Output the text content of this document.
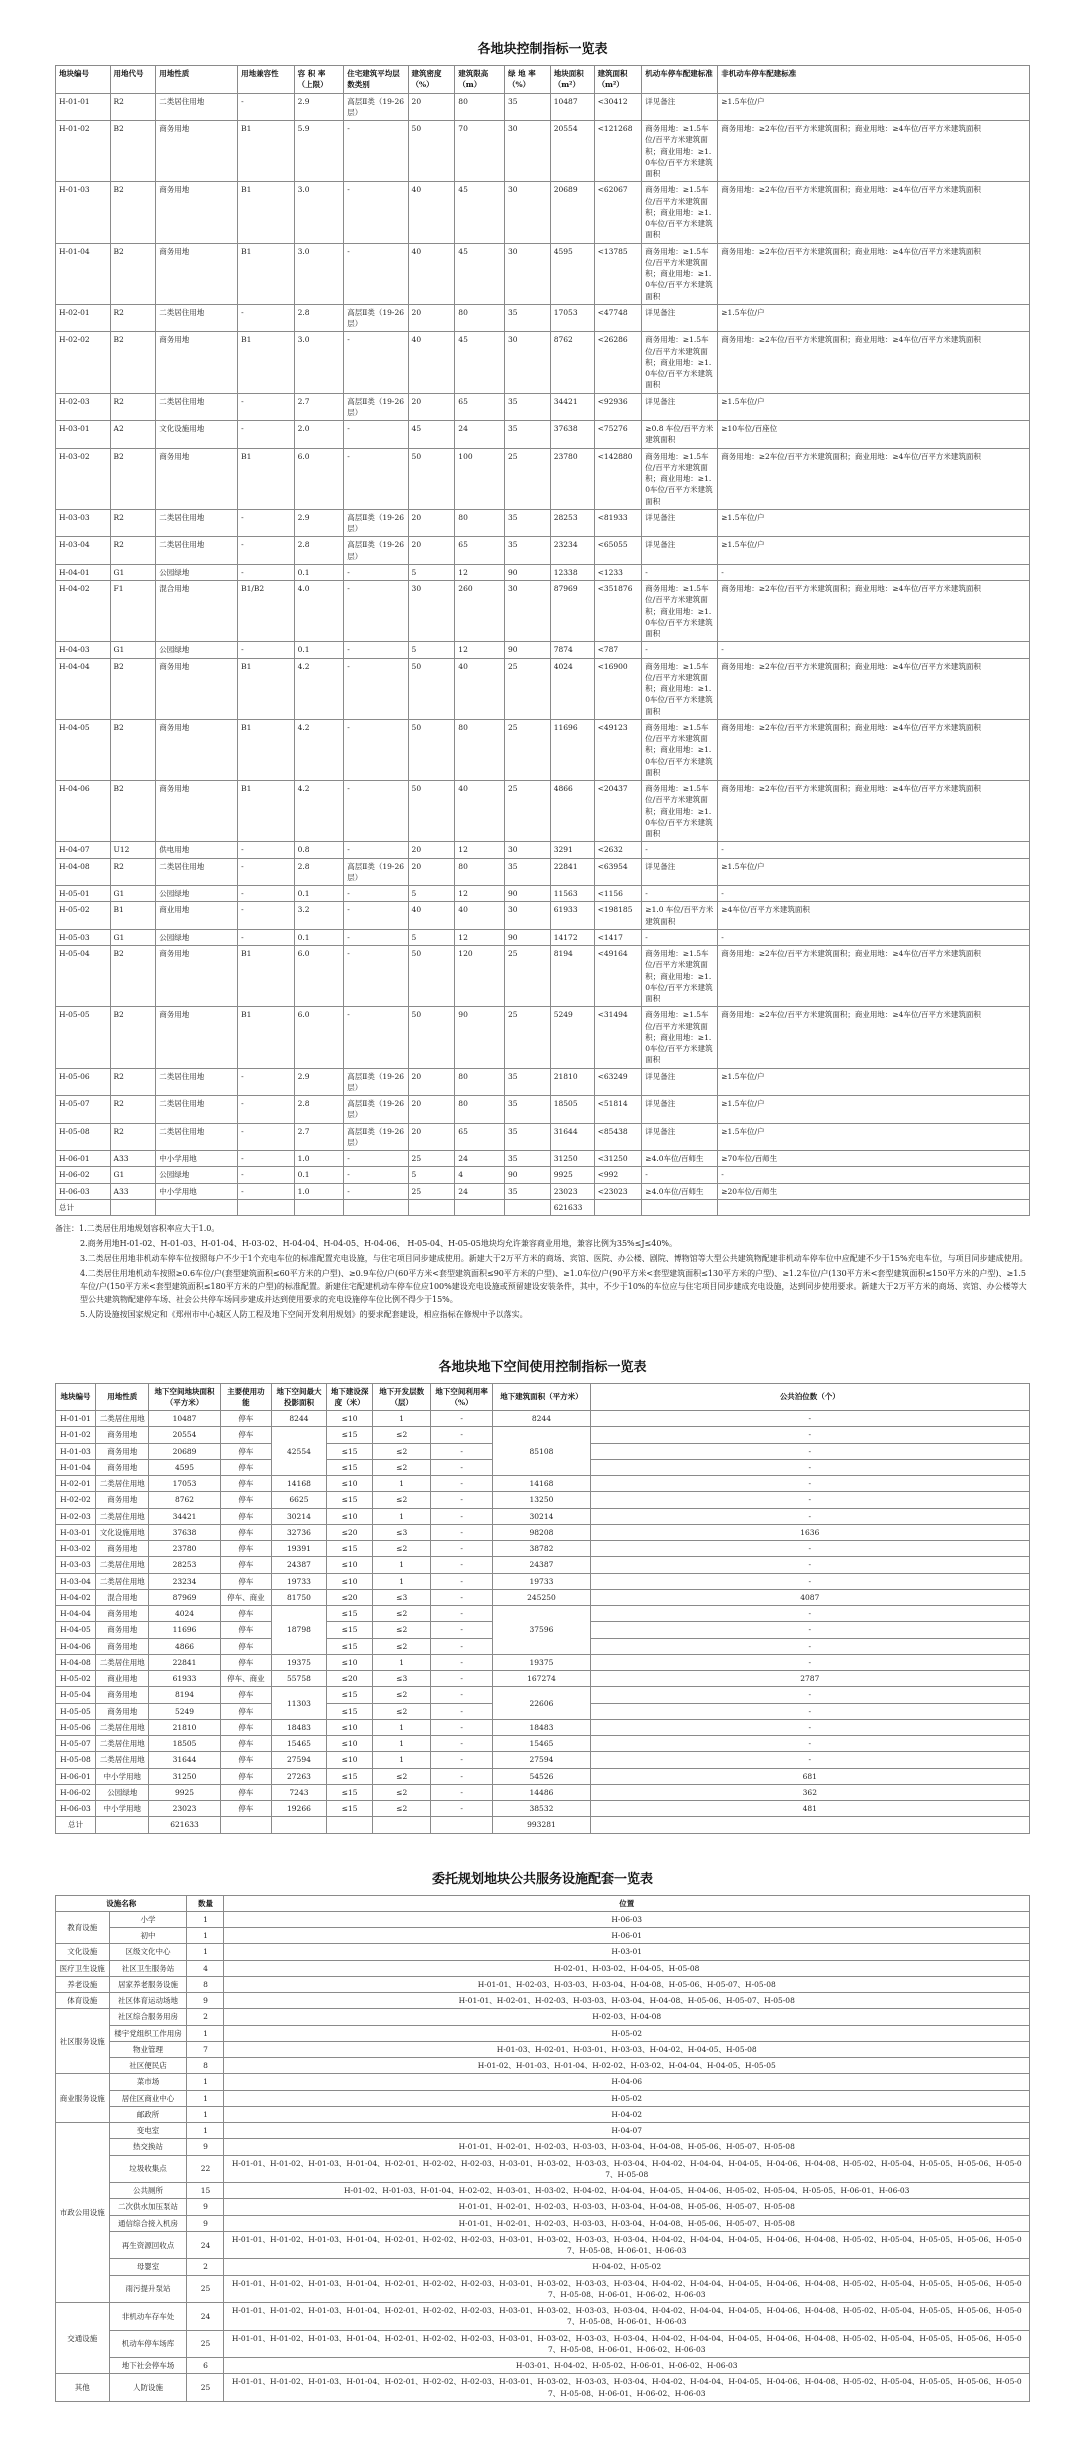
各地块控制指标一览表
地块编号	用地代号	用地性质	用地兼容性	容 积 率（上限）	住宅建筑平均层数类别	建筑密度（%）	建筑限高（m）	绿 地 率（%）	地块面积（m²）	建筑面积（m²）	机动车停车配建标准	非机动车停车配建标准
H-01-01	R2	二类居住用地	-	2.9	高层Ⅱ类（19-26层）	20	80	35	10487	<30412	详见备注	≥1.5车位/户
H-01-02	B2	商务用地	B1	5.9	-	50	70	30	20554	<121268	商务用地：≥1.5车位/百平方米建筑面积；商业用地：≥1.0车位/百平方米建筑面积	商务用地：≥2车位/百平方米建筑面积；商业用地：≥4车位/百平方米建筑面积
H-01-03	B2	商务用地	B1	3.0	-	40	45	30	20689	<62067	商务用地：≥1.5车位/百平方米建筑面积；商业用地：≥1.0车位/百平方米建筑面积	商务用地：≥2车位/百平方米建筑面积；商业用地：≥4车位/百平方米建筑面积
H-01-04	B2	商务用地	B1	3.0	-	40	45	30	4595	<13785	商务用地：≥1.5车位/百平方米建筑面积；商业用地：≥1.0车位/百平方米建筑面积	商务用地：≥2车位/百平方米建筑面积；商业用地：≥4车位/百平方米建筑面积
H-02-01	R2	二类居住用地	-	2.8	高层Ⅱ类（19-26层）	20	80	35	17053	<47748	详见备注	≥1.5车位/户
H-02-02	B2	商务用地	B1	3.0	-	40	45	30	8762	<26286	商务用地：≥1.5车位/百平方米建筑面积；商业用地：≥1.0车位/百平方米建筑面积	商务用地：≥2车位/百平方米建筑面积；商业用地：≥4车位/百平方米建筑面积
H-02-03	R2	二类居住用地	-	2.7	高层Ⅱ类（19-26层）	20	65	35	34421	<92936	详见备注	≥1.5车位/户
H-03-01	A2	文化设施用地	-	2.0	-	45	24	35	37638	<75276	≥0.8 车位/百平方米建筑面积	≥10车位/百座位
H-03-02	B2	商务用地	B1	6.0	-	50	100	25	23780	<142880	商务用地：≥1.5车位/百平方米建筑面积；商业用地：≥1.0车位/百平方米建筑面积	商务用地：≥2车位/百平方米建筑面积；商业用地：≥4车位/百平方米建筑面积
H-03-03	R2	二类居住用地	-	2.9	高层Ⅱ类（19-26层）	20	80	35	28253	<81933	详见备注	≥1.5车位/户
H-03-04	R2	二类居住用地	-	2.8	高层Ⅱ类（19-26层）	20	65	35	23234	<65055	详见备注	≥1.5车位/户
H-04-01	G1	公园绿地	-	0.1	-	5	12	90	12338	<1233	-	-
H-04-02	F1	混合用地	B1/B2	4.0	-	30	260	30	87969	<351876	商务用地：≥1.5车位/百平方米建筑面积；商业用地：≥1.0车位/百平方米建筑面积	商务用地：≥2车位/百平方米建筑面积；商业用地：≥4车位/百平方米建筑面积
H-04-03	G1	公园绿地	-	0.1	-	5	12	90	7874	<787	-	-
H-04-04	B2	商务用地	B1	4.2	-	50	40	25	4024	<16900	商务用地：≥1.5车位/百平方米建筑面积；商业用地：≥1.0车位/百平方米建筑面积	商务用地：≥2车位/百平方米建筑面积；商业用地：≥4车位/百平方米建筑面积
H-04-05	B2	商务用地	B1	4.2	-	50	80	25	11696	<49123	商务用地：≥1.5车位/百平方米建筑面积；商业用地：≥1.0车位/百平方米建筑面积	商务用地：≥2车位/百平方米建筑面积；商业用地：≥4车位/百平方米建筑面积
H-04-06	B2	商务用地	B1	4.2	-	50	40	25	4866	<20437	商务用地：≥1.5车位/百平方米建筑面积；商业用地：≥1.0车位/百平方米建筑面积	商务用地：≥2车位/百平方米建筑面积；商业用地：≥4车位/百平方米建筑面积
H-04-07	U12	供电用地	-	0.8	-	20	12	30	3291	<2632	-	-
H-04-08	R2	二类居住用地	-	2.8	高层Ⅱ类（19-26层）	20	80	35	22841	<63954	详见备注	≥1.5车位/户
H-05-01	G1	公园绿地	-	0.1	-	5	12	90	11563	<1156	-	-
H-05-02	B1	商业用地	-	3.2	-	40	40	30	61933	<198185	≥1.0 车位/百平方米建筑面积	≥4车位/百平方米建筑面积
H-05-03	G1	公园绿地	-	0.1	-	5	12	90	14172	<1417	-	-
H-05-04	B2	商务用地	B1	6.0	-	50	120	25	8194	<49164	商务用地：≥1.5车位/百平方米建筑面积；商业用地：≥1.0车位/百平方米建筑面积	商务用地：≥2车位/百平方米建筑面积；商业用地：≥4车位/百平方米建筑面积
H-05-05	B2	商务用地	B1	6.0	-	50	90	25	5249	<31494	商务用地：≥1.5车位/百平方米建筑面积；商业用地：≥1.0车位/百平方米建筑面积	商务用地：≥2车位/百平方米建筑面积；商业用地：≥4车位/百平方米建筑面积
H-05-06	R2	二类居住用地	-	2.9	高层Ⅱ类（19-26层）	20	80	35	21810	<63249	详见备注	≥1.5车位/户
H-05-07	R2	二类居住用地	-	2.8	高层Ⅱ类（19-26层）	20	80	35	18505	<51814	详见备注	≥1.5车位/户
H-05-08	R2	二类居住用地	-	2.7	高层Ⅱ类（19-26层）	20	65	35	31644	<85438	详见备注	≥1.5车位/户
H-06-01	A33	中小学用地	-	1.0	-	25	24	35	31250	<31250	≥4.0车位/百师生	≥70车位/百师生
H-06-02	G1	公园绿地	-	0.1	-	5	4	90	9925	<992	-	-
H-06-03	A33	中小学用地	-	1.0	-	25	24	35	23023	<23023	≥4.0车位/百师生	≥20车位/百师生
总计									621633			

备注：1.二类居住用地规划容积率应大于1.0。

2.商务用地H-01-02、H-01-03、H-01-04、H-03-02、H-04-04、H-04-05、H-04-06、 H-05-04、H-05-05地块均允许兼容商业用地，兼容比例为35%≤J≤40%。

3.二类居住用地非机动车停车位按照每户不少于1个充电车位的标准配置充电设施，与住宅项目同步建成使用。新建大于2万平方米的商场、宾馆、医院、办公楼、剧院、博物馆等大型公共建筑物配建非机动车停车位中应配建不少于15%充电车位，与项目同步建成使用。

4.二类居住用地机动车按照≥0.6车位/户(套型建筑面积≤60平方米的户型)、≥0.9车位/户(60平方米<套型建筑面积≤90平方米的户型)、≥1.0车位/户(90平方米<套型建筑面积≤130平方米的户型)、≥1.2车位/户(130平方米<套型建筑面积≤150平方米的户型)、≥1.5车位/户(150平方米<套型建筑面积≤180平方米的户型)的标准配置。新建住宅配建机动车停车位应100%建设充电设施或预留建设安装条件，其中，不少于10%的车位应与住宅项目同步建成充电设施，达到同步使用要求。新建大于2万平方米的商场、宾馆、办公楼等大型公共建筑物配建停车场、社会公共停车场同步建成并达到使用要求的充电设施停车位比例不得少于15%。

5.人防设施按国家规定和《郑州市中心城区人防工程及地下空间开发利用规划》的要求配套建设，相应指标在修规中予以落实。

各地块地下空间使用控制指标一览表
地块编号	用地性质	地下空间地块面积（平方米）	主要使用功能	地下空间最大投影面积	地下建设深度（米）	地下开发层数（层）	地下空间利用率（%）	地下建筑面积（平方米）	公共泊位数（个）
H-01-01	二类居住用地	10487	停车	8244	≤10	1	-	8244	-
H-01-02	商务用地	20554	停车	42554	≤15	≤2	-	85108	-
H-01-03	商务用地	20689	停车		≤15	≤2	-		-
H-01-04	商务用地	4595	停车		≤15	≤2	-		-
H-02-01	二类居住用地	17053	停车	14168	≤10	1	-	14168	-
H-02-02	商务用地	8762	停车	6625	≤15	≤2	-	13250	-
H-02-03	二类居住用地	34421	停车	30214	≤10	1	-	30214	-
H-03-01	文化设施用地	37638	停车	32736	≤20	≤3	-	98208	1636
H-03-02	商务用地	23780	停车	19391	≤15	≤2	-	38782	-
H-03-03	二类居住用地	28253	停车	24387	≤10	1	-	24387	-
H-03-04	二类居住用地	23234	停车	19733	≤10	1	-	19733	-
H-04-02	混合用地	87969	停车、商业	81750	≤20	≤3	-	245250	4087
H-04-04	商务用地	4024	停车	18798	≤15	≤2	-	37596	-
H-04-05	商务用地	11696	停车		≤15	≤2	-		-
H-04-06	商务用地	4866	停车		≤15	≤2	-		-
H-04-08	二类居住用地	22841	停车	19375	≤10	1	-	19375	-
H-05-02	商业用地	61933	停车、商业	55758	≤20	≤3	-	167274	2787
H-05-04	商务用地	8194	停车	11303	≤15	≤2	-	22606	-
H-05-05	商务用地	5249	停车		≤15	≤2	-		-
H-05-06	二类居住用地	21810	停车	18483	≤10	1	-	18483	-
H-05-07	二类居住用地	18505	停车	15465	≤10	1	-	15465	-
H-05-08	二类居住用地	31644	停车	27594	≤10	1	-	27594	-
H-06-01	中小学用地	31250	停车	27263	≤15	≤2	-	54526	681
H-06-02	公园绿地	9925	停车	7243	≤15	≤2	-	14486	362
H-06-03	中小学用地	23023	停车	19266	≤15	≤2	-	38532	481
总计		621633						993281	
委托规划地块公共服务设施配套一览表
设施名称		数量	位置
教育设施	小学	1	H-06-03
	初中	1	H-06-01
文化设施	区级文化中心	1	H-03-01
医疗卫生设施	社区卫生服务站	4	H-02-01、H-03-02、H-04-05、H-05-08
养老设施	居家养老服务设施	8	H-01-01、H-02-03、H-03-03、H-03-04、H-04-08、H-05-06、H-05-07、H-05-08
体育设施	社区体育运动场地	9	H-01-01、H-02-01、H-02-03、H-03-03、H-03-04、H-04-08、H-05-06、H-05-07、H-05-08
社区服务设施	社区综合服务用房	2	H-02-03、H-04-08
	楼宇党组织工作用房	1	H-05-02
	物业管理	7	H-01-03、H-02-01、H-03-01、H-03-03、H-04-02、H-04-05、H-05-08
	社区便民店	8	H-01-02、H-01-03、H-01-04、H-02-02、H-03-02、H-04-04、H-04-05、H-05-05
商业服务设施	菜市场	1	H-04-06
	居住区商业中心	1	H-05-02
	邮政所	1	H-04-02
市政公用设施	变电室	1	H-04-07
	热交换站	9	H-01-01、H-02-01、H-02-03、H-03-03、H-03-04、H-04-08、H-05-06、H-05-07、H-05-08
	垃圾收集点	22	H-01-01、H-01-02、H-01-03、H-01-04、H-02-01、H-02-02、H-02-03、H-03-01、H-03-02、H-03-03、H-03-04、H-04-02、H-04-04、H-04-05、H-04-06、H-04-08、H-05-02、H-05-04、H-05-05、H-05-06、H-05-07、H-05-08
	公共厕所	15	H-01-02、H-01-03、H-01-04、H-02-02、H-03-01、H-03-02、H-04-02、H-04-04、H-04-05、H-04-06、H-05-02、H-05-04、H-05-05、H-06-01、H-06-03
	二次供水加压泵站	9	H-01-01、H-02-01、H-02-03、H-03-03、H-03-04、H-04-08、H-05-06、H-05-07、H-05-08
	通信综合接入机房	9	H-01-01、H-02-01、H-02-03、H-03-03、H-03-04、H-04-08、H-05-06、H-05-07、H-05-08
	再生资源回收点	24	H-01-01、H-01-02、H-01-03、H-01-04、H-02-01、H-02-02、H-02-03、H-03-01、H-03-02、H-03-03、H-03-04、H-04-02、H-04-04、H-04-05、H-04-06、H-04-08、H-05-02、H-05-04、H-05-05、H-05-06、H-05-07、H-05-08、H-06-01、H-06-03
	母婴室	2	H-04-02、H-05-02
	雨污提升泵站	25	H-01-01、H-01-02、H-01-03、H-01-04、H-02-01、H-02-02、H-02-03、H-03-01、H-03-02、H-03-03、H-03-04、H-04-02、H-04-04、H-04-05、H-04-06、H-04-08、H-05-02、H-05-04、H-05-05、H-05-06、H-05-07、H-05-08、H-06-01、H-06-02、H-06-03
交通设施	非机动车存车处	24	H-01-01、H-01-02、H-01-03、H-01-04、H-02-01、H-02-02、H-02-03、H-03-01、H-03-02、H-03-03、H-03-04、H-04-02、H-04-04、H-04-05、H-04-06、H-04-08、H-05-02、H-05-04、H-05-05、H-05-06、H-05-07、H-05-08、H-06-01、H-06-03
	机动车停车场库	25	H-01-01、H-01-02、H-01-03、H-01-04、H-02-01、H-02-02、H-02-03、H-03-01、H-03-02、H-03-03、H-03-04、H-04-02、H-04-04、H-04-05、H-04-06、H-04-08、H-05-02、H-05-04、H-05-05、H-05-06、H-05-07、H-05-08、H-06-01、H-06-02、H-06-03
	地下社会停车场	6	H-03-01、H-04-02、H-05-02、H-06-01、H-06-02、H-06-03
其他	人防设施	25	H-01-01、H-01-02、H-01-03、H-01-04、H-02-01、H-02-02、H-02-03、H-03-01、H-03-02、H-03-03、H-03-04、H-04-02、H-04-04、H-04-05、H-04-06、H-04-08、H-05-02、H-05-04、H-05-05、H-05-06、H-05-07、H-05-08、H-06-01、H-06-02、H-06-03
